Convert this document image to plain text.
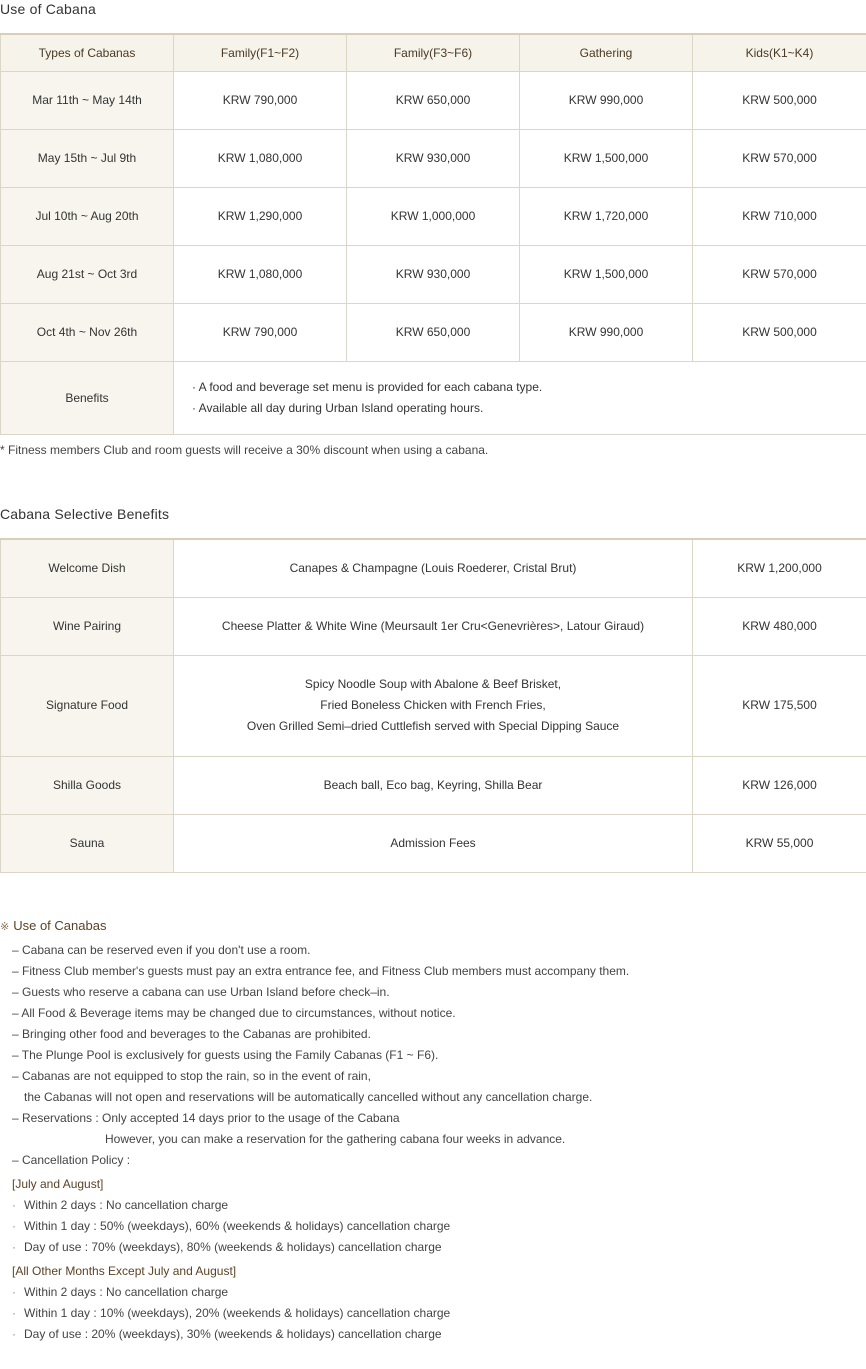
Use of Cabana
Types of Cabanas	Family(F1~F2)	Family(F3~F6)	Gathering	Kids(K1~K4)
Mar 11th ~ May 14th	KRW 790,000	KRW 650,000	KRW 990,000	KRW 500,000
May 15th ~ Jul 9th	KRW 1,080,000	KRW 930,000	KRW 1,500,000	KRW 570,000
Jul 10th ~ Aug 20th	KRW 1,290,000	KRW 1,000,000	KRW 1,720,000	KRW 710,000
Aug 21st ~ Oct 3rd	KRW 1,080,000	KRW 930,000	KRW 1,500,000	KRW 570,000
Oct 4th ~ Nov 26th	KRW 790,000	KRW 650,000	KRW 990,000	KRW 500,000
Benefits	· A food and beverage set menu is provided for each cabana type.
· Available all day during Urban Island operating hours.			
* Fitness members Club and room guests will receive a 30% discount when using a cabana.
Cabana Selective Benefits
Welcome Dish	Canapes & Champagne (Louis Roederer, Cristal Brut)	KRW 1,200,000
Wine Pairing	Cheese Platter & White Wine (Meursault 1er Cru<Genevrières>, Latour Giraud)	KRW 480,000
Signature Food	Spicy Noodle Soup with Abalone & Beef Brisket,
Fried Boneless Chicken with French Fries,
Oven Grilled Semi–dried Cuttlefish served with Special Dipping Sauce	KRW 175,500
Shilla Goods	Beach ball, Eco bag, Keyring, Shilla Bear	KRW 126,000
Sauna	Admission Fees	KRW 55,000
※ Use of Canabas
– Cabana can be reserved even if you don't use a room.
– Fitness Club member's guests must pay an extra entrance fee, and Fitness Club members must accompany them.
– Guests who reserve a cabana can use Urban Island before check–in.
– All Food & Beverage items may be changed due to circumstances, without notice.
– Bringing other food and beverages to the Cabanas are prohibited.
– The Plunge Pool is exclusively for guests using the Family Cabanas (F1 ~ F6).
– Cabanas are not equipped to stop the rain, so in the event of rain,
the Cabanas will not open and reservations will be automatically cancelled without any cancellation charge.
– Reservations : Only accepted 14 days prior to the usage of the Cabana
However, you can make a reservation for the gathering cabana four weeks in advance.
– Cancellation Policy :
[July and August]
· Within 2 days : No cancellation charge
· Within 1 day : 50% (weekdays), 60% (weekends & holidays) cancellation charge
· Day of use : 70% (weekdays), 80% (weekends & holidays) cancellation charge
[All Other Months Except July and August]
· Within 2 days : No cancellation charge
· Within 1 day : 10% (weekdays), 20% (weekends & holidays) cancellation charge
· Day of use : 20% (weekdays), 30% (weekends & holidays) cancellation charge
